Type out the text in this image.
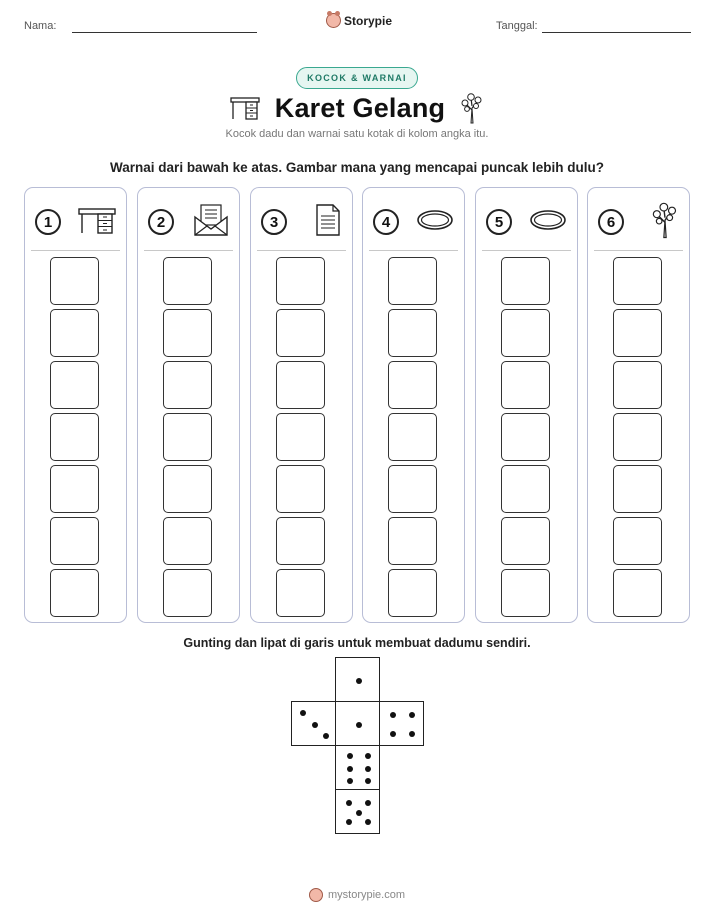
Nama:	Storypie	Tanggal:
KOCOK & WARNAI
Karet Gelang
Kocok dadu dan warnai satu kotak di kolom angka itu.
Warnai dari bawah ke atas. Gambar mana yang mencapai puncak lebih dulu?
1	2	3	4	5	6
Gunting dan lipat di garis untuk membuat dadumu sendiri.
mystorypie.com
